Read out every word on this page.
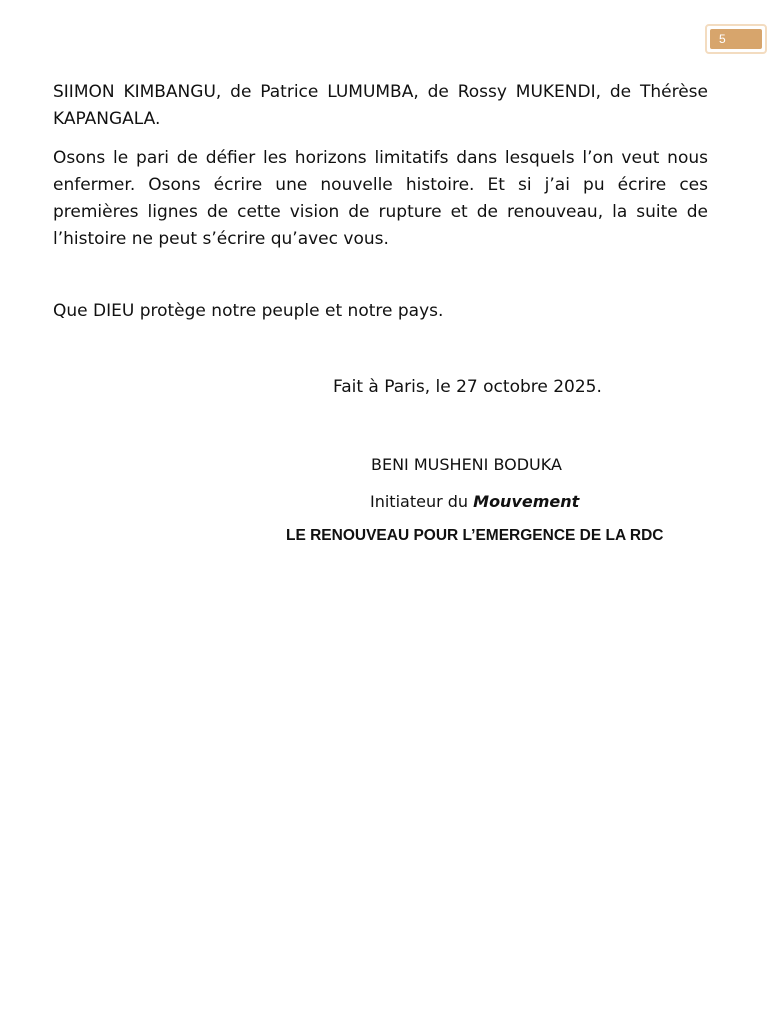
5

SIIMON KIMBANGU, de Patrice LUMUMBA, de Rossy MUKENDI, de Thérèse KAPANGALA.

Osons le pari de défier les horizons limitatifs dans lesquels l’on veut nous enfermer. Osons écrire une nouvelle histoire. Et si j’ai pu écrire ces premières lignes de cette vision de rupture et de renouveau, la suite de l’histoire ne peut s’écrire qu’avec vous.

Que DIEU protège notre peuple et notre pays.

Fait à Paris, le 27 octobre 2025.
BENI MUSHENI BODUKA
Initiateur du Mouvement
LE RENOUVEAU POUR L’EMERGENCE DE LA RDC
